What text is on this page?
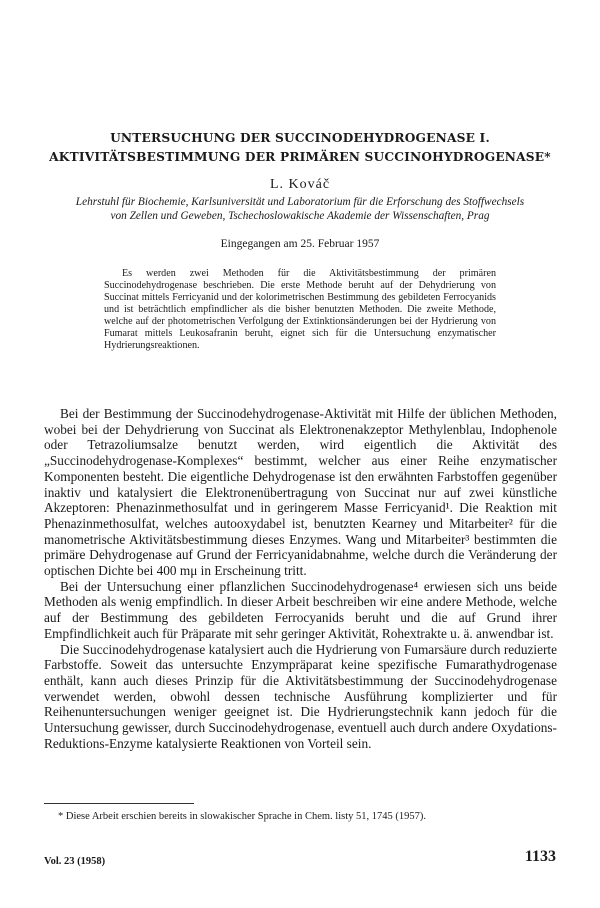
UNTERSUCHUNG DER SUCCINODEHYDROGENASE I.
AKTIVITÄTSBESTIMMUNG DER PRIMÄREN SUCCINOHYDROGENASE*
L. Kováč
Lehrstuhl für Biochemie, Karlsuniversität und Laboratorium für die Erforschung des Stoffwechsels
von Zellen und Geweben, Tschechoslowakische Akademie der Wissenschaften, Prag
Eingegangen am 25. Februar 1957
Es werden zwei Methoden für die Aktivitätsbestimmung der primären Succinodehydrogenase beschrieben. Die erste Methode beruht auf der Dehydrierung von Succinat mittels Ferricyanid und der kolorimetrischen Bestimmung des gebildeten Ferrocyanids und ist beträchtlich empfindlicher als die bisher benutzten Methoden. Die zweite Methode, welche auf der photometrischen Verfolgung der Extinktionsänderungen bei der Hydrierung von Fumarat mittels Leukosafranin beruht, eignet sich für die Untersuchung enzymatischer Hydrierungsreaktionen.

Bei der Bestimmung der Succinodehydrogenase-Aktivität mit Hilfe der üblichen Methoden, wobei bei der Dehydrierung von Succinat als Elektronenakzeptor Methylenblau, Indophenole oder Tetrazoliumsalze benutzt werden, wird eigentlich die Aktivität des „Succinodehydrogenase-Komplexes“ bestimmt, welcher aus einer Reihe enzymatischer Komponenten besteht. Die eigentliche Dehydrogenase ist den erwähnten Farbstoffen gegenüber inaktiv und katalysiert die Elektronenübertragung von Succinat nur auf zwei künstliche Akzeptoren: Phenazinmethosulfat und in geringerem Masse Ferricyanid¹. Die Reaktion mit Phenazinmethosulfat, welches autooxydabel ist, benutzten Kearney und Mitarbeiter² für die manometrische Aktivitätsbestimmung dieses Enzymes. Wang und Mitarbeiter³ bestimmten die primäre Dehydrogenase auf Grund der Ferricyanidabnahme, welche durch die Veränderung der optischen Dichte bei 400 mμ in Erscheinung tritt.

Bei der Untersuchung einer pflanzlichen Succinodehydrogenase⁴ erwiesen sich uns beide Methoden als wenig empfindlich. In dieser Arbeit beschreiben wir eine andere Methode, welche auf der Bestimmung des gebildeten Ferrocyanids beruht und die auf Grund ihrer Empfindlichkeit auch für Präparate mit sehr geringer Aktivität, Rohextrakte u. ä. anwendbar ist.

Die Succinodehydrogenase katalysiert auch die Hydrierung von Fumarsäure durch reduzierte Farbstoffe. Soweit das untersuchte Enzympräparat keine spezifische Fumarathydrogenase enthält, kann auch dieses Prinzip für die Aktivitätsbestimmung der Succinodehydrogenase verwendet werden, obwohl dessen technische Ausführung komplizierter und für Reihenuntersuchungen weniger geeignet ist. Die Hydrierungstechnik kann jedoch für die Untersuchung gewisser, durch Succinodehydrogenase, eventuell auch durch andere Oxydations-Reduktions-Enzyme katalysierte Reaktionen von Vorteil sein.

* Diese Arbeit erschien bereits in slowakischer Sprache in Chem. listy 51, 1745 (1957).
Vol. 23 (1958)	1133
